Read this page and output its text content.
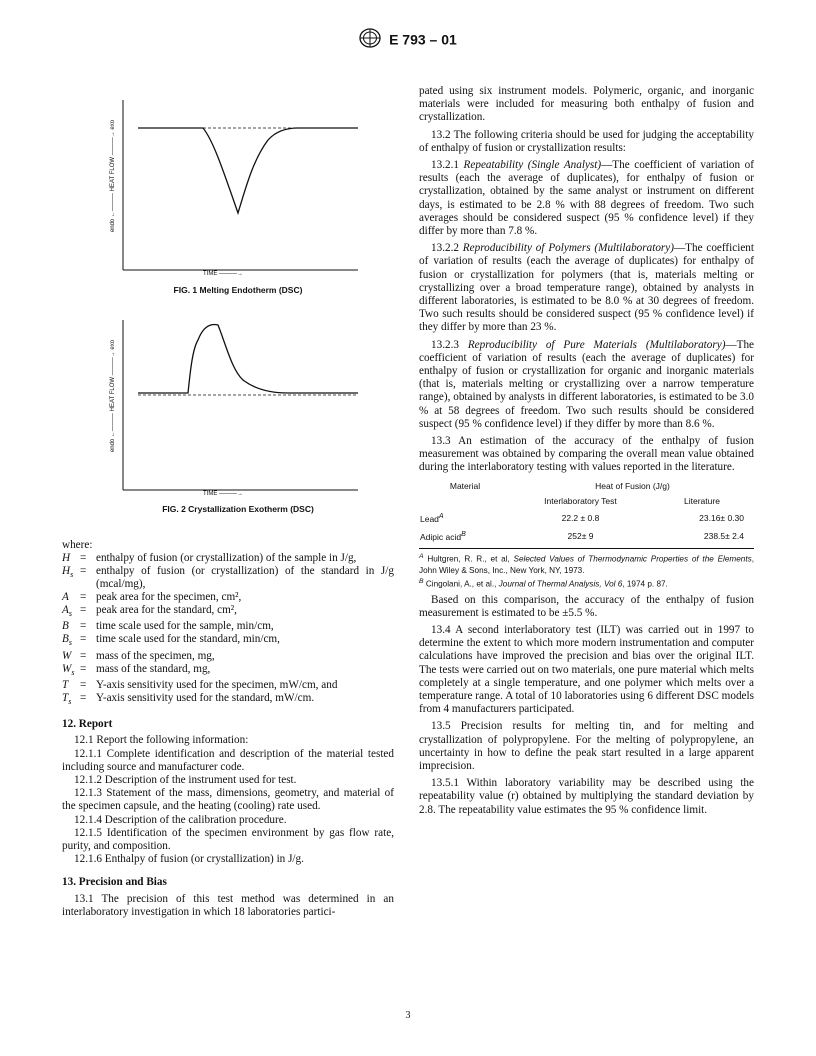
E 793 – 01
endo ←——— HEAT FLOW ———→ exo
TIME ———→
FIG. 1 Melting Endotherm (DSC)
endo ←——— HEAT FLOW ———→ exo
TIME ———→
FIG. 2 Crystallization Exotherm (DSC)

where:

H = enthalpy of fusion (or crystallization) of the sample in J/g,
$H_s$ = enthalpy of fusion (or crystallization) of the standard in J/g (mcal/mg),
A = peak area for the specimen, cm²,
$A_s$ = peak area for the standard, cm²,
B = time scale used for the sample, min/cm,
$B_s$ = time scale used for the standard, min/cm,
W = mass of the specimen, mg,
$W_s$ = mass of the standard, mg,
T	= Y-axis sensitivity used for the specimen, mW/cm, and
$T_s$ = Y-axis sensitivity used for the standard, mW/cm.

12. Report

12.1 Report the following information:

12.1.1 Complete identification and description of the material tested including source and manufacturer code.

12.1.2 Description of the instrument used for test.

12.1.3 Statement of the mass, dimensions, geometry, and material of the specimen capsule, and the heating (cooling) rate used.

12.1.4 Description of the calibration procedure.

12.1.5 Identification of the specimen environment by gas flow rate, purity, and composition.

12.1.6 Enthalpy of fusion (or crystallization) in J/g.

13. Precision and Bias

13.1 The precision of this test method was determined in an interlaboratory investigation in which 18 laboratories partici-

pated using six instrument models. Polymeric, organic, and inorganic materials were included for measuring both enthalpy of fusion and crystallization.

13.2 The following criteria should be used for judging the acceptability of enthalpy of fusion or crystallization results:

13.2.1 Repeatability (Single Analyst)—The coefficient of variation of results (each the average of duplicates), for enthalpy of fusion or crystallization, obtained by the same analyst or instrument on different days, is estimated to be 2.8 % with 88 degrees of freedom. Two such averages should be considered suspect (95 % confidence level) if they differ by more than 7.8 %.

13.2.2 Reproducibility of Polymers (Multilaboratory)—The coefficient of variation of results (each the average of duplicates) for enthalpy of fusion or crystallization for polymers (that is, materials melting or crystallizing over a broad temperature range), obtained by analysts in different laboratories, is estimated to be 8.0 % at 30 degrees of freedom. Two such results should be considered suspect (95 % confidence level) if they differ by more than 23 %.

13.2.3 Reproducibility of Pure Materials (Multilaboratory)—The coefficient of variation of results (each the average of duplicates) for enthalpy of fusion or crystallization for organic and inorganic materials (that is, materials melting or crystallizing over a narrow temperature range), obtained by analysts in different laboratories, is estimated to be 3.0 % at 58 degrees of freedom. Two such results should be considered suspect (95 % confidence level) if they differ by more than 8.6 %.

13.3 An estimation of the accuracy of the enthalpy of fusion measurement was obtained by comparing the overall mean value obtained during the interlaboratory testing with values reported in the literature.

Material	Heat of Fusion (J/g)	
	Interlaboratory Test	Literature
Lead$^A$	22.2 ± 0.8	23.16± 0.30
Adipic acid$^B$	252± 9	238.5± 2.4
$^A$ Hultgren, R. R., et al, Selected Values of Thermodynamic Properties of the Elements, John Wiley & Sons, Inc., New York, NY, 1973.
$^B$ Cingolani, A., et al., Journal of Thermal Analysis, Vol 6, 1974 p. 87.

Based on this comparison, the accuracy of the enthalpy of fusion measurement is estimated to be ±5.5 %.

13.4 A second interlaboratory test (ILT) was carried out in 1997 to determine the extent to which more modern instrumentation and computer calculations have improved the precision and bias over the original ILT. The tests were carried out on two materials, one pure material which melts completely at a single temperature, and one polymer which melts over a temperature range. A total of 10 laboratories using 6 different DSC models from 4 manufacturers participated.

13.5 Precision results for melting tin, and for melting and crystallization of polypropylene. For the melting of polypropylene, an uncertainty in how to define the peak start resulted in a large apparent imprecision.

13.5.1 Within laboratory variability may be described using the repeatability value (r) obtained by multiplying the standard deviation by 2.8. The repeatability value estimates the 95 % confidence limit.

3
